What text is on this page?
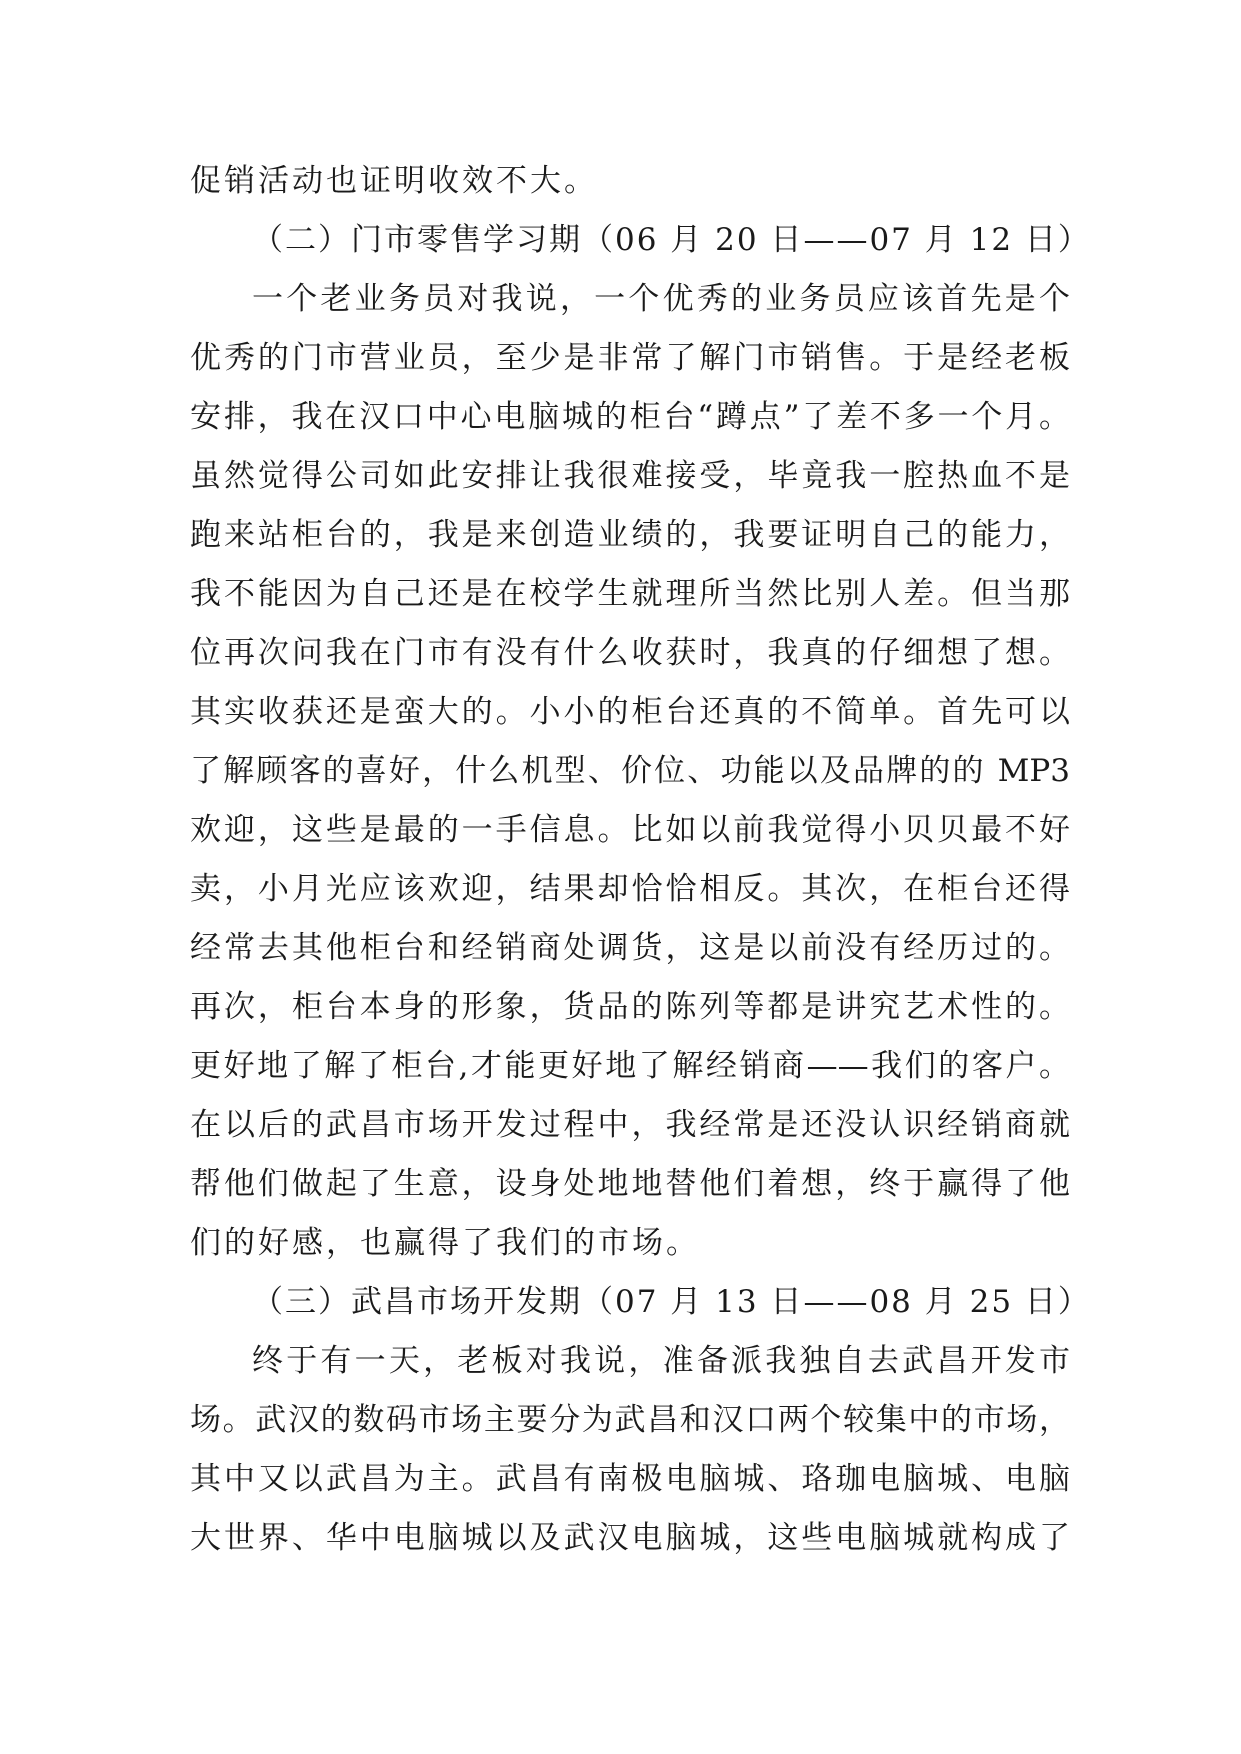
促销活动也证明收效不大。
（二）门市零售学习期（06 月 20 日——07 月 12 日）
一个老业务员对我说，一个优秀的业务员应该首先是个
优秀的门市营业员，至少是非常了解门市销售。于是经老板
安排，我在汉口中心电脑城的柜台“蹲点”了差不多一个月。
虽然觉得公司如此安排让我很难接受，毕竟我一腔热血不是
跑来站柜台的，我是来创造业绩的，我要证明自己的能力，
我不能因为自己还是在校学生就理所当然比别人差。但当那
位再次问我在门市有没有什么收获时，我真的仔细想了想。
其实收获还是蛮大的。小小的柜台还真的不简单。首先可以
了解顾客的喜好，什么机型、价位、功能以及品牌的的 MP3
欢迎，这些是最的一手信息。比如以前我觉得小贝贝最不好
卖，小月光应该欢迎，结果却恰恰相反。其次，在柜台还得
经常去其他柜台和经销商处调货，这是以前没有经历过的。
再次，柜台本身的形象，货品的陈列等都是讲究艺术性的。
更好地了解了柜台,才能更好地了解经销商——我们的客户。
在以后的武昌市场开发过程中，我经常是还没认识经销商就
帮他们做起了生意，设身处地地替他们着想，终于赢得了他
们的好感，也赢得了我们的市场。
（三）武昌市场开发期（07 月 13 日——08 月 25 日）
终于有一天，老板对我说，准备派我独自去武昌开发市
场。武汉的数码市场主要分为武昌和汉口两个较集中的市场，
其中又以武昌为主。武昌有南极电脑城、珞珈电脑城、电脑
大世界、华中电脑城以及武汉电脑城，这些电脑城就构成了
